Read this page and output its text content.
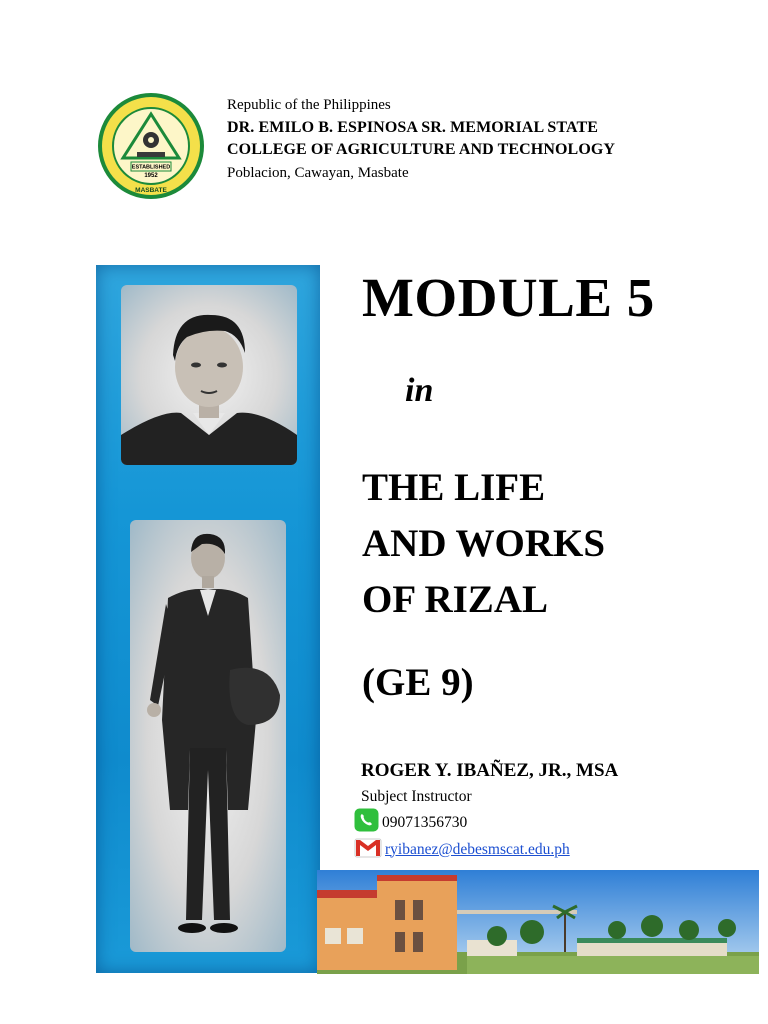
ESTABLISHED
1952
MASBATE
Republic of the Philippines
DR. EMILO B. ESPINOSA SR. MEMORIAL STATE
COLLEGE OF AGRICULTURE AND TECHNOLOGY
Poblacion, Cawayan, Masbate
MODULE 5
in
THE LIFE
AND WORKS
OF RIZAL
(GE 9)
ROGER Y. IBAÑEZ, JR., MSA
Subject Instructor
09071356730
ryibanez@debesmscat.edu.ph
